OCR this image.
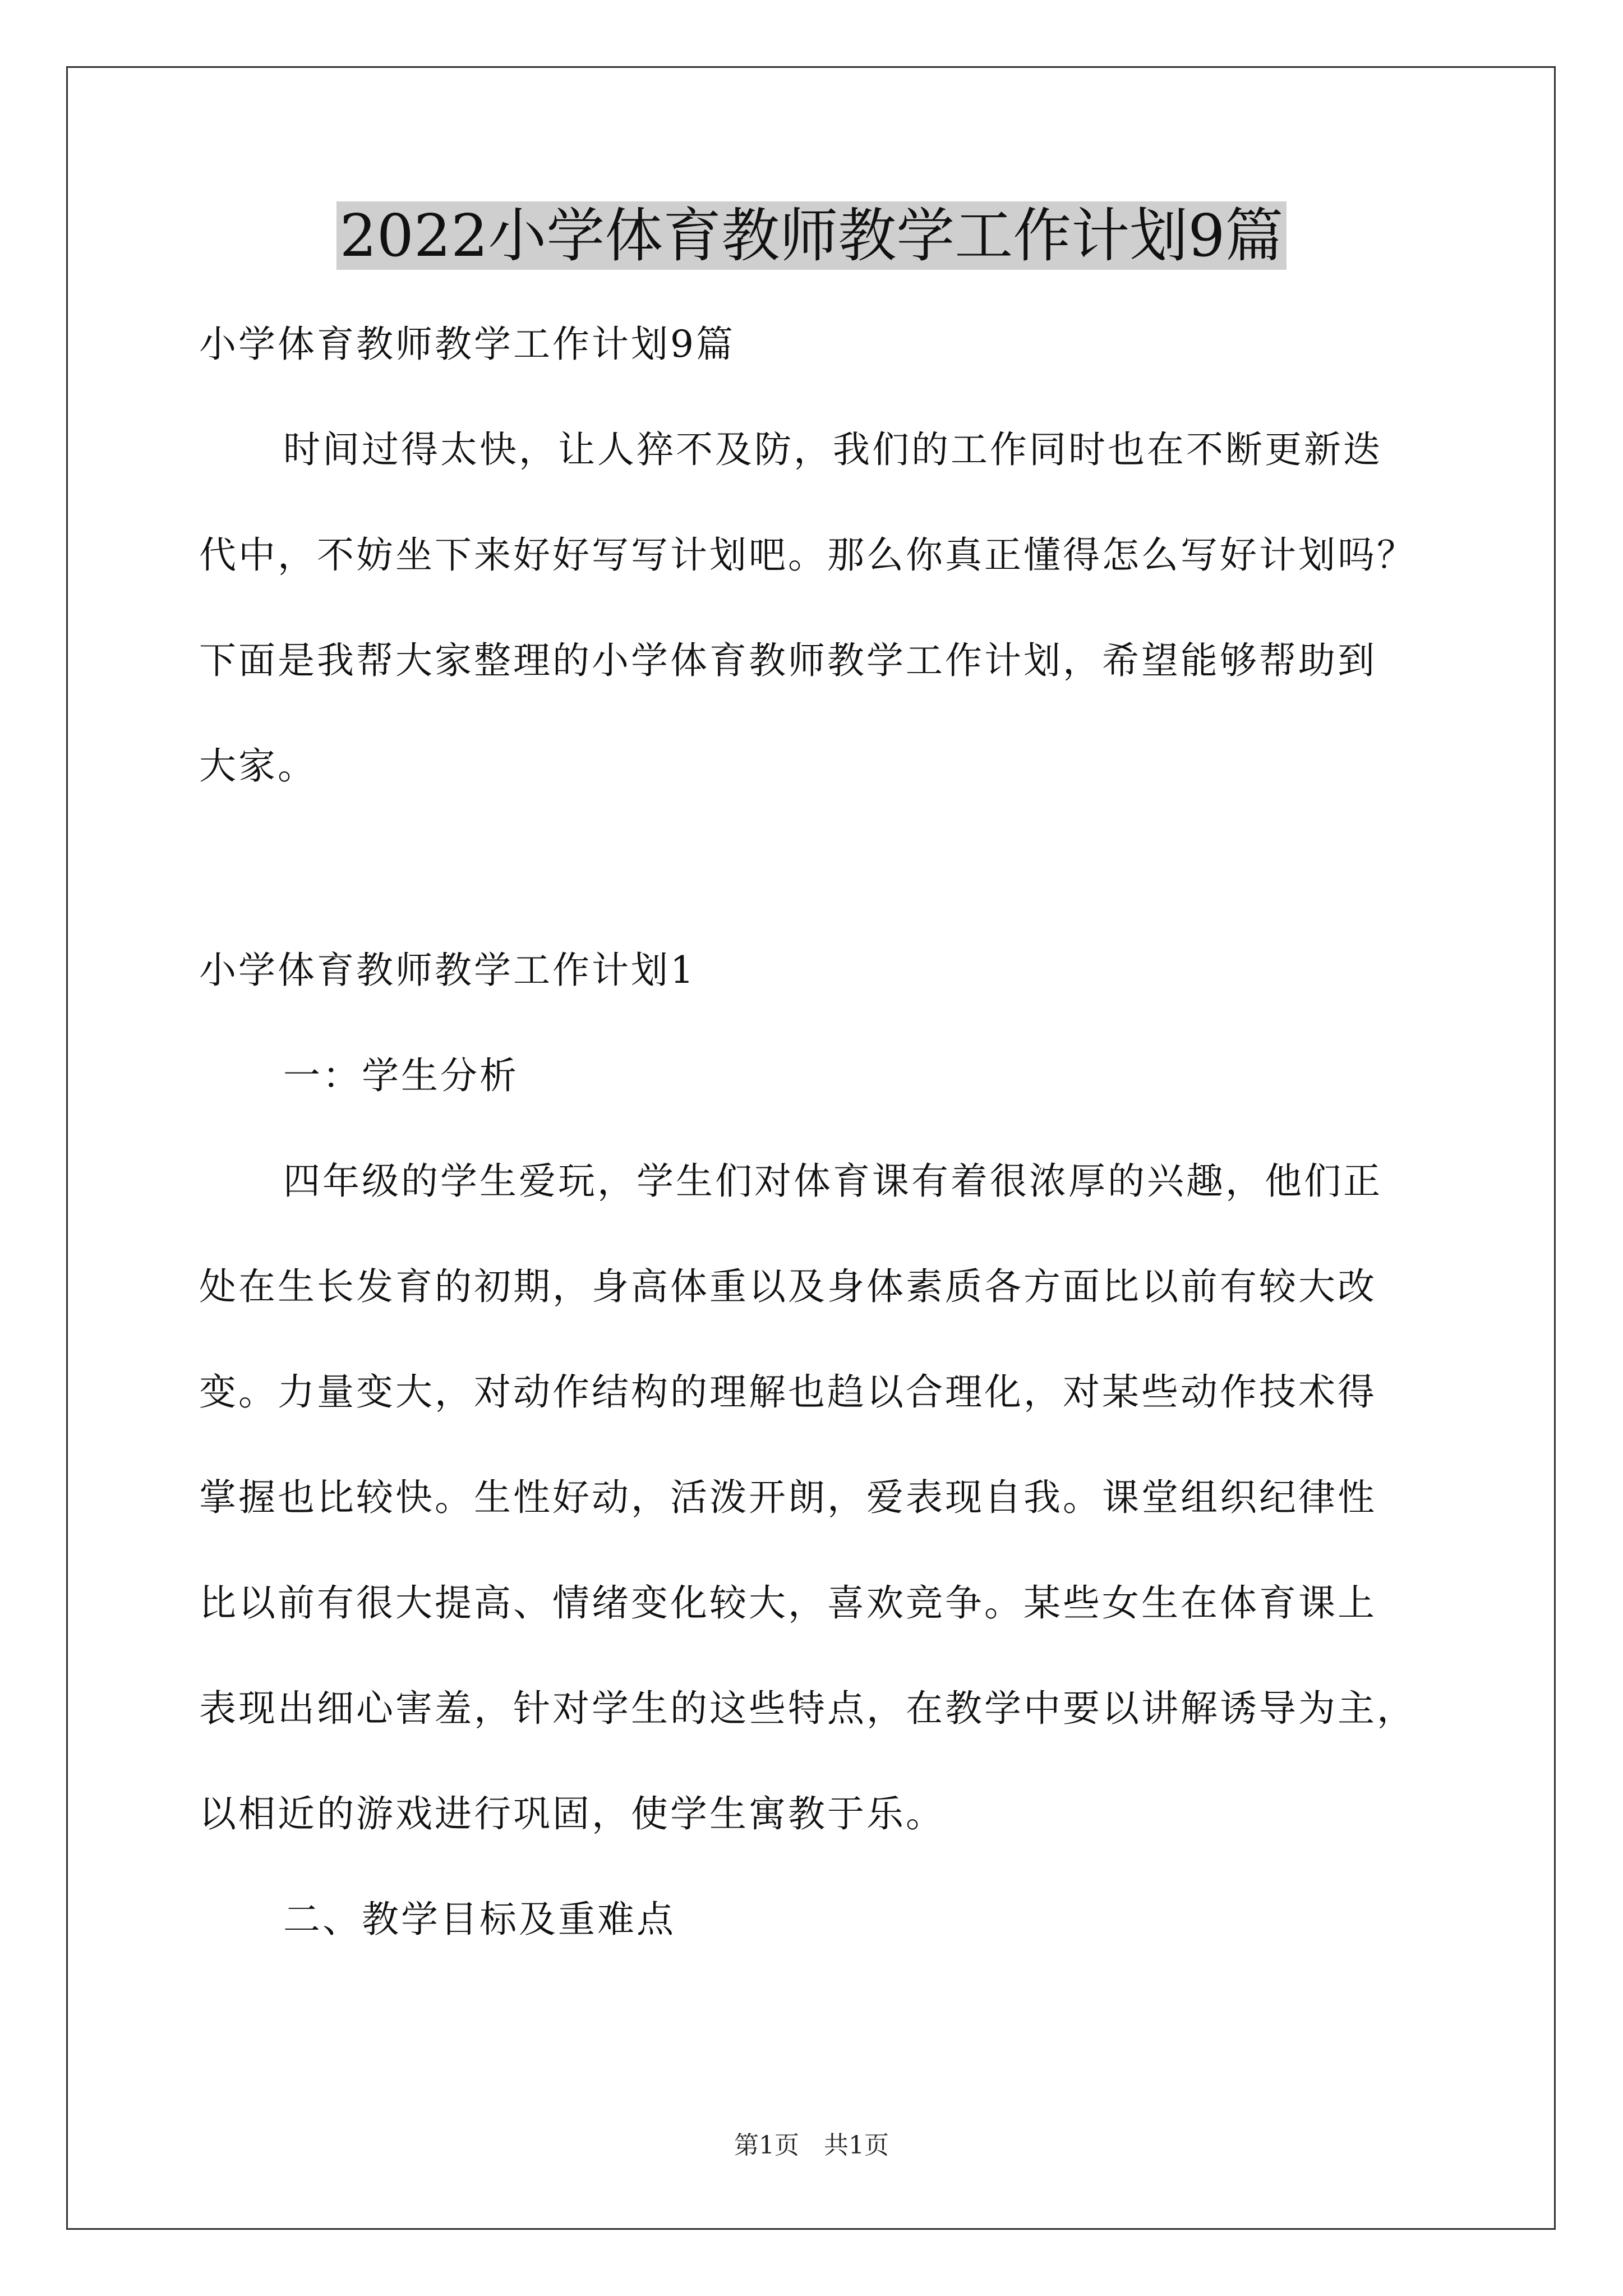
2022小学体育教师教学工作计划9篇

小学体育教师教学工作计划9篇

时间过得太快，让人猝不及防，我们的工作同时也在不断更新迭

代中，不妨坐下来好好写写计划吧。那么你真正懂得怎么写好计划吗？

下面是我帮大家整理的小学体育教师教学工作计划，希望能够帮助到

大家。

小学体育教师教学工作计划1

一：学生分析

四年级的学生爱玩，学生们对体育课有着很浓厚的兴趣，他们正

处在生长发育的初期，身高体重以及身体素质各方面比以前有较大改

变。力量变大，对动作结构的理解也趋以合理化，对某些动作技术得

掌握也比较快。生性好动，活泼开朗，爱表现自我。课堂组织纪律性

比以前有很大提高、情绪变化较大，喜欢竞争。某些女生在体育课上

表现出细心害羞，针对学生的这些特点，在教学中要以讲解诱导为主，

以相近的游戏进行巩固，使学生寓教于乐。

二、教学目标及重难点

第1页　共1页
